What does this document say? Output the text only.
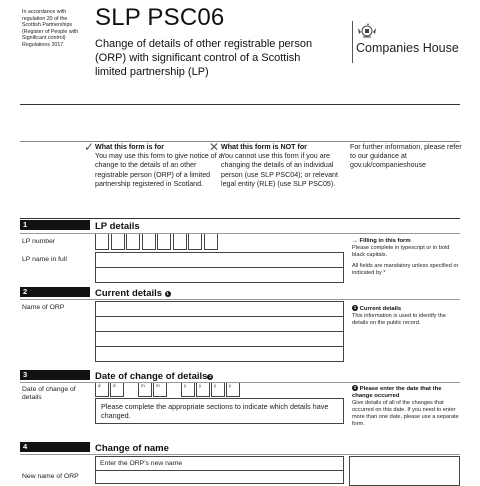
In accordance with regulation 20 of the Scottish Partnerships (Register of People with Significant control) Regulations 2017.
SLP PSC06
Change of details of other registrable person (ORP) with significant control of a Scottish limited partnership (LP)
Companies House
✓ What this form is for
You may use this form to give notice of a change to the details of an other registrable person (ORP) of a limited partnership registered in Scotland.
✕ What this form is NOT for
You cannot use this form if you are changing the details of an individual person (use SLP PSC04); or relevant legal entity (RLE) (use SLP PSC05).
For further information, please refer to our guidance at gov.uk/companieshouse
1	LP details
LP number
LP name in full
→ Filling in this form
Please complete in typescript or in bold black capitals.
All fields are mandatory unless specified or indicated by *
2	Current details 1
Name of ORP	1 Current details
This information is used to identify the details on the public record.
3	Date of change of details 2
Date of change of details
d	d	m	m	y	y	y	y
Please complete the appropriate sections to indicate which details have changed.
2 Please enter the date that the change occurred
Give details of all of the changes that occurred on this date. If you need to enter more than one date, please use a separate form.
4	Change of name
Enter the ORP's new name
New name of ORP
